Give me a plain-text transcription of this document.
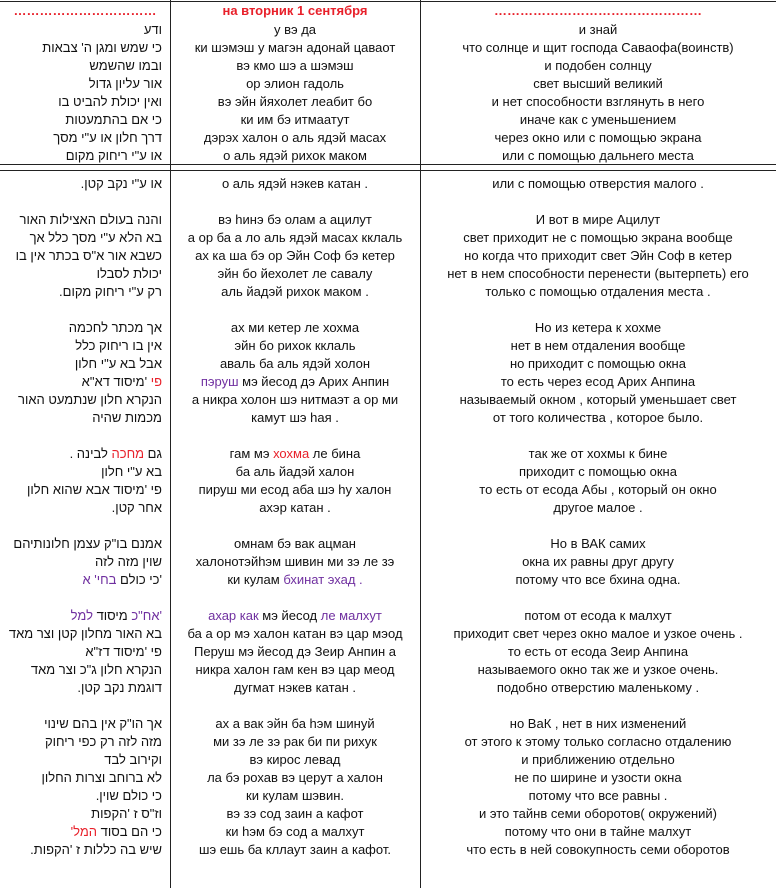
……………………………	на вторник 1 сентября	…………………………………………
ודע
כי שמש ומגן ה' צבאות
ובמו שהשמש
אור עליון גדול
ואין יכולת להביט בו
כי אם בהתמעטות
דרך חלון או ע"י מסך
או ע"י ריחוק מקום
у вэ да
ки шэмэш у магэн адонай цаваот
вэ кмо шэ а шэмэш
ор элион гадоль
вэ эйн йяхолет леабит бо
ки им бэ итмаатут
дэрэх халон о аль ядэй масах
о аль ядэй рихок маком
и знай
что солнце и щит господа Саваофа(воинств)
и подобен солнцу
свет высший великий
и нет способности взглянуть в него
иначе как с уменьшением
через окно или с помощью экрана
или с помощью дальнего места
או ע"י נקב קטן.
והנה בעולם האצילות האור
בא הלא ע"י מסך כלל אך
כשבא אור א"ס בכתר אין בו
יכולת לסבלו
רק ע"י ריחוק מקום.
אך מכתר לחכמה
אין בו ריחוק כלל
אבל בא ע"י חלון
פי 'מיסוד דא"א
הנקרא חלון שנתמעט האור
מכמות שהיה
גם מחכה לבינה .
בא ע"י חלון
פי 'מיסוד אבא שהוא חלון
אחר קטן.
אמנם בו"ק עצמן חלונותיהם
שוין מזה לזה
'כי כולם בחי' א
'אח"כ מיסוד למל
בא האור מחלון קטן וצר מאד
פי 'מיסוד דז"א
הנקרא חלון ג"כ וצר מאד
דוגמת נקב קטן.
אך הו"ק אין בהם שינוי
מזה לזה רק כפי ריחוק
וקירוב לבד
לא ברוחב וצרות החלון
כי כולם שוין.
וז"ס ז 'הקפות
כי הם בסוד המל'
שיש בה כללות ז 'הקפות.
о аль ядэй нэкев катан .
вэ hинэ бэ олам а ацилут
а ор ба а ло аль ядэй масах кклаль
ах ка ша бэ ор Эйн Соф бэ кетер
эйн бо йехолет ле савалу
аль йадэй рихок маком .
ах ми кетер ле хохма
эйн бо рихок кклаль
аваль ба аль ядэй холон
пэруш мэ йесод дэ Арих Анпин
а никра холон шэ нитмаэт а ор ми
камут шэ hая .
гам мэ хохма ле бина
ба аль йадэй халон
пируш ми есод аба шэ hу халон
ахэр катан .
омнам бэ вак ацман
халонотэйhэм шивин ми зэ ле зэ
ки кулам бхинат эхад .
ахар как мэ йесод ле малхут
ба а ор мэ халон катан вэ цар мэод
Перуш мэ йесод дэ Зеир Анпин а
никра халон гам кен вэ цар меод
дугмат нэкев катан .
ах а вак эйн ба hэм шинуй
ми зэ ле зэ рак би пи рихук
вэ кирос левад
ла бэ рохав вэ церут а халон
ки кулам шэвин.
вэ зэ сод заин а кафот
ки hэм бэ сод а малхут
шэ ешь ба кллаут заин а кафот.
или с помощью отверстия малого .
И вот в мире Ацилут
свет приходит не с помощью экрана вообще
но когда что приходит свет Эйн Соф в кетер
нет в нем способности перенести (вытерпеть) его
только с помощью отдаления места .
Но из кетера к хохме
нет в нем отдаления вообще
но приходит с помощью окна
то есть через есод Арих Анпина
называемый окном , который уменьшает свет
от того количества , которое было.
так же от хохмы к бине
приходит с помощью окна
то есть от есода Абы , который он окно
другое малое .
Но в ВАК самих
окна их равны друг другу
потому что все бхина одна.
потом от есода к малхут
приходит свет через окно малое и узкое очень .
то есть от есода Зеир Анпина
называемого окно так же и узкое очень.
подобно отверстию маленькому .
но ВаК , нет в них изменений
от этого к этому только согласно отдалению
и приближению отдельно
не по ширине и узости окна
потому что все равны .
и это тайнв семи оборотов( окружений)
потому что они в тайне малхут
что есть в ней совокупность семи оборотов
